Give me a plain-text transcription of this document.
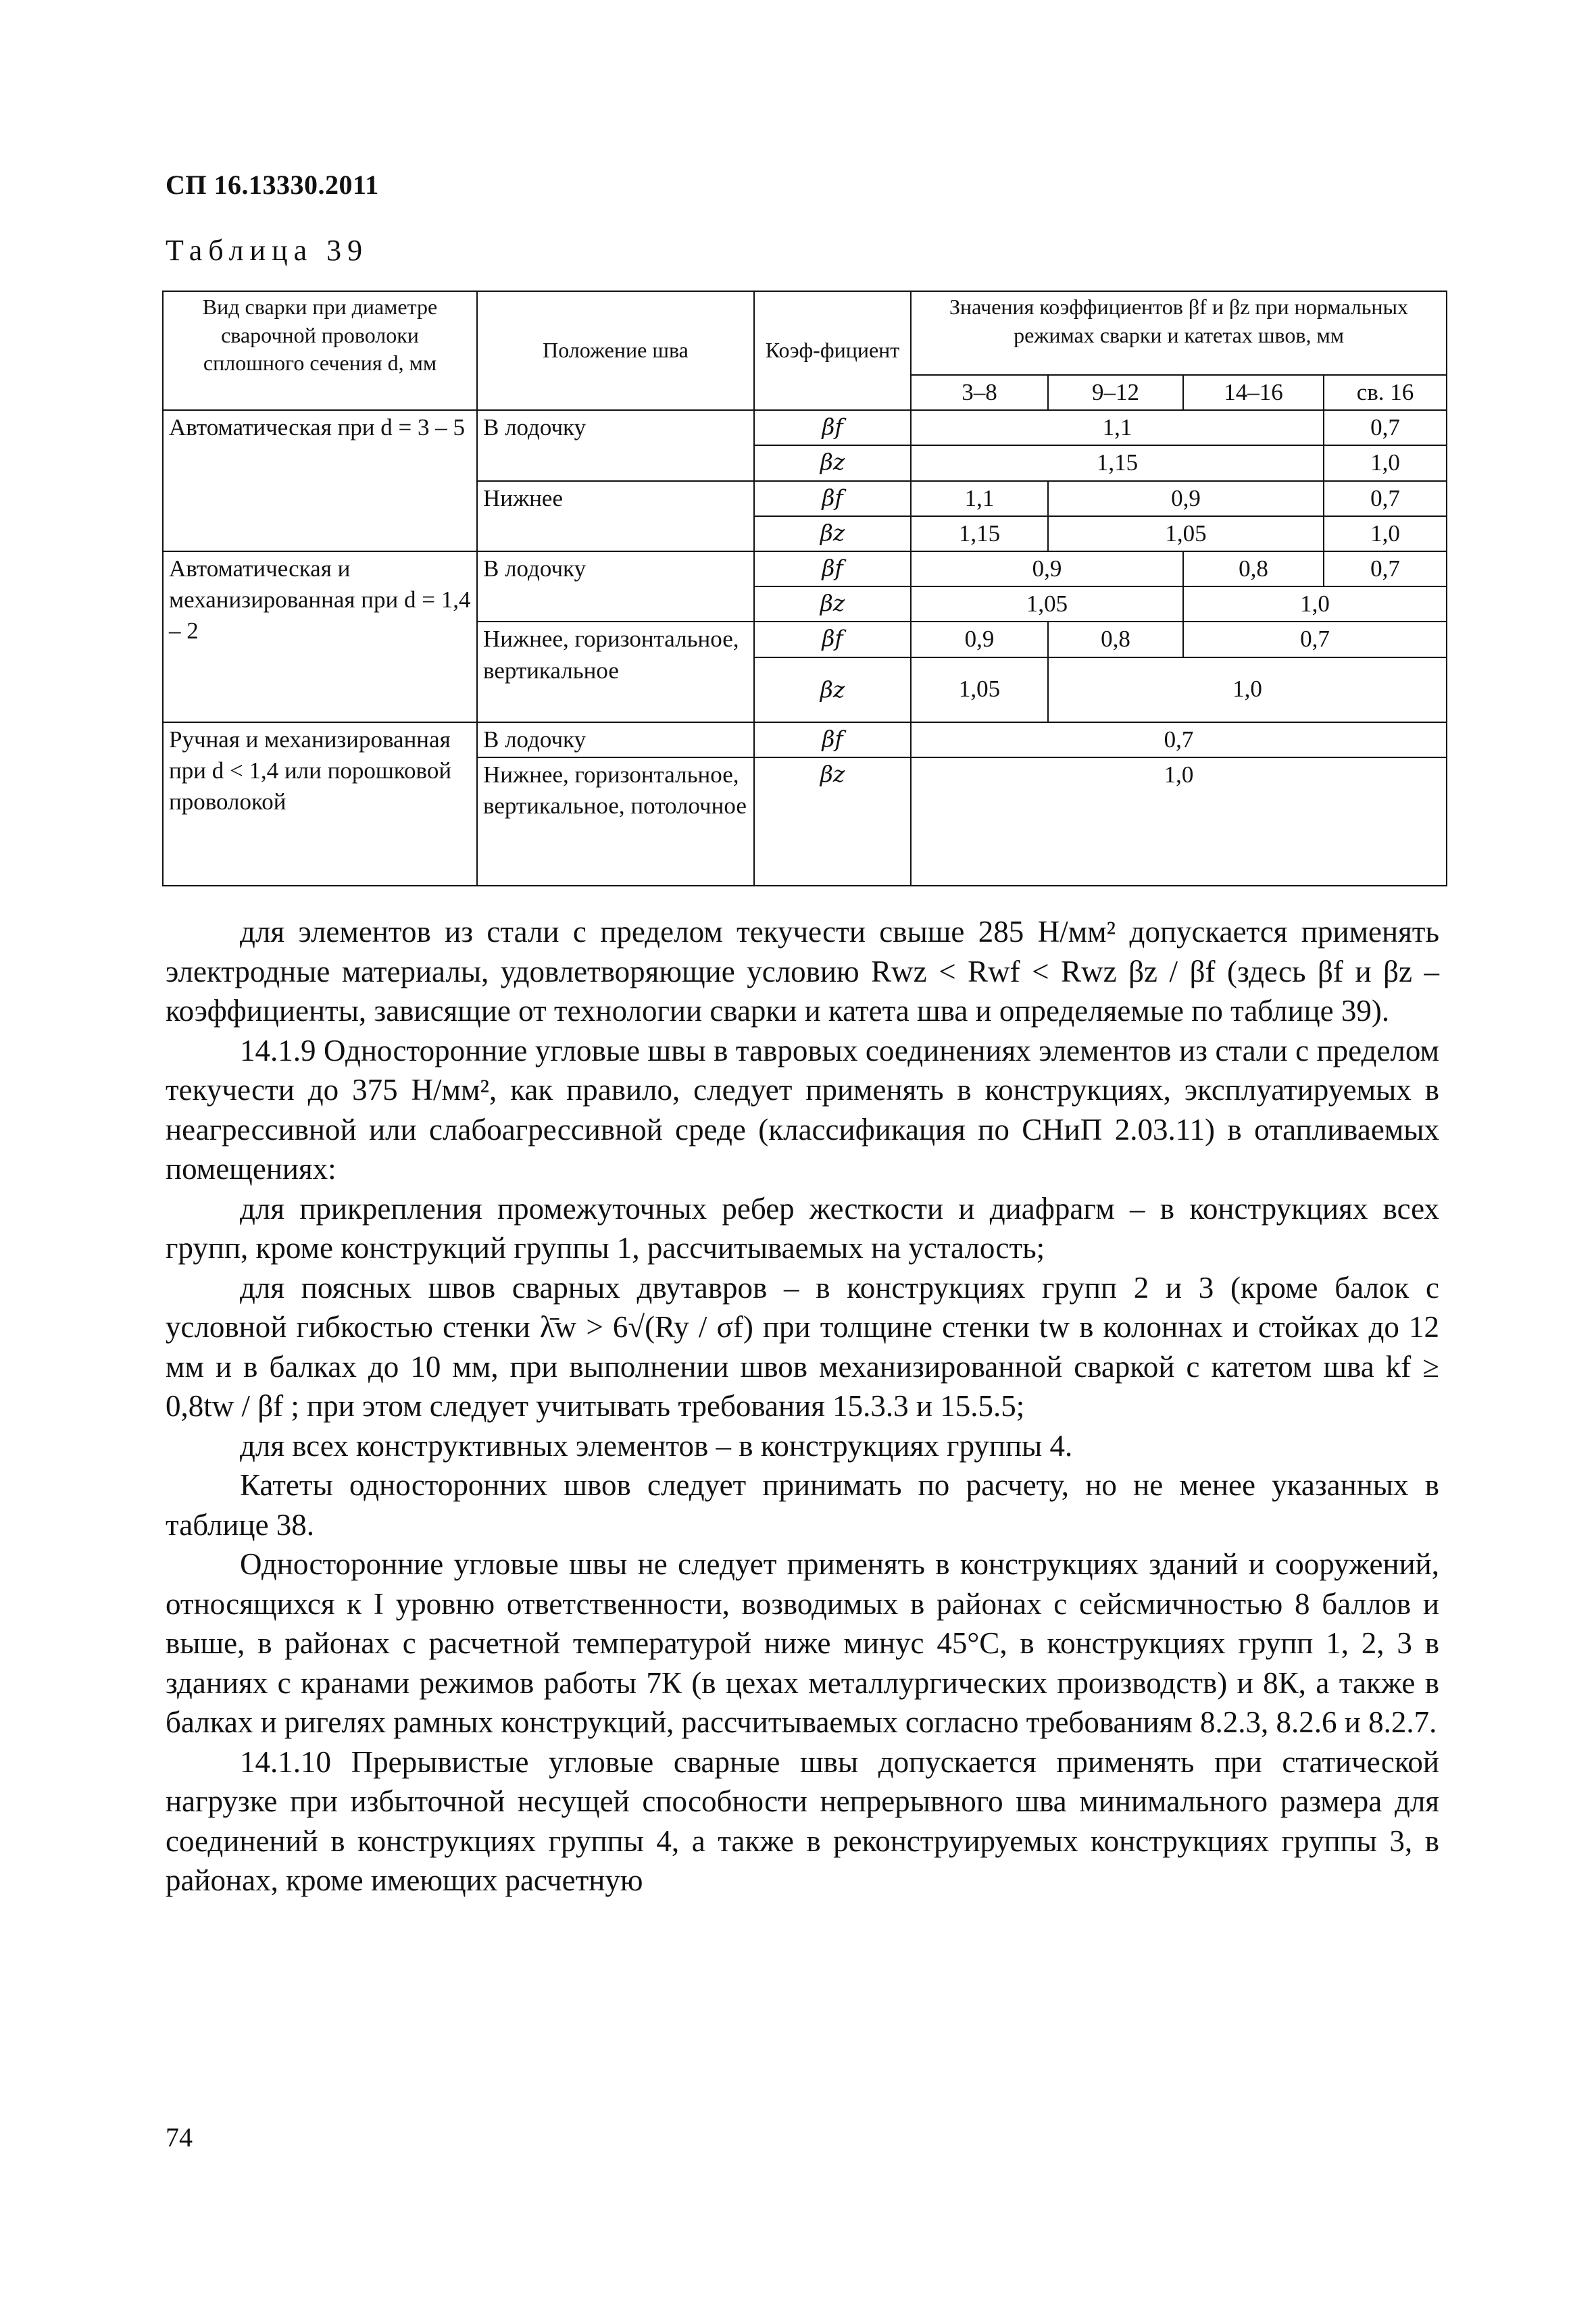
СП 16.13330.2011
Таблица 39
Вид сварки при диаметре сварочной проволоки сплошного сечения d, мм	Положение шва	Коэф-фициент	Значения коэффициентов βf и βz при нормальных режимах сварки и катетах швов, мм			
			3–8	9–12	14–16	св. 16
Автоматическая при d = 3 – 5	В лодочку	βf	1,1			0,7
		βz	1,15			1,0
	Нижнее	βf	1,1	0,9		0,7
		βz	1,15	1,05		1,0
Автоматическая и механизированная при d = 1,4 – 2	В лодочку	βf	0,9		0,8	0,7
		βz	1,05		1,0	
	Нижнее, горизонтальное, вертикальное	βf	0,9	0,8	0,7	
		βz	1,05	1,0		
Ручная и механизированная при d < 1,4 или порошковой проволокой	В лодочку	βf	0,7			
	Нижнее, горизонтальное, вертикальное, потолочное	βz	1,0			

для элементов из стали с пределом текучести свыше 285 Н/мм² допускается применять электродные материалы, удовлетворяющие условию Rwz < Rwf < Rwz βz / βf (здесь βf и βz – коэффициенты, зависящие от технологии сварки и катета шва и определяемые по таблице 39).

14.1.9 Односторонние угловые швы в тавровых соединениях элементов из стали с пределом текучести до 375 Н/мм², как правило, следует применять в конструкциях, эксплуатируемых в неагрессивной или слабоагрессивной среде (классификация по СНиП 2.03.11) в отапливаемых помещениях:

для прикрепления промежуточных ребер жесткости и диафрагм – в конструкциях всех групп, кроме конструкций группы 1, рассчитываемых на усталость;

для поясных швов сварных двутавров – в конструкциях групп 2 и 3 (кроме балок с условной гибкостью стенки λ̄w > 6√(Ry / σf) при толщине стенки tw в колоннах и стойках до 12 мм и в балках до 10 мм, при выполнении швов механизированной сваркой с катетом шва kf ≥ 0,8tw / βf ; при этом следует учитывать требования 15.3.3 и 15.5.5;

для всех конструктивных элементов – в конструкциях группы 4.

Катеты односторонних швов следует принимать по расчету, но не менее указанных в таблице 38.

Односторонние угловые швы не следует применять в конструкциях зданий и сооружений, относящихся к I уровню ответственности, возводимых в районах с сейсмичностью 8 баллов и выше, в районах с расчетной температурой ниже минус 45°С, в конструкциях групп 1, 2, 3 в зданиях с кранами режимов работы 7К (в цехах металлургических производств) и 8К, а также в балках и ригелях рамных конструкций, рассчитываемых согласно требованиям 8.2.3, 8.2.6 и 8.2.7.

14.1.10 Прерывистые угловые сварные швы допускается применять при статической нагрузке при избыточной несущей способности непрерывного шва минимального размера для соединений в конструкциях группы 4, а также в реконструируемых конструкциях группы 3, в районах, кроме имеющих расчетную

74
